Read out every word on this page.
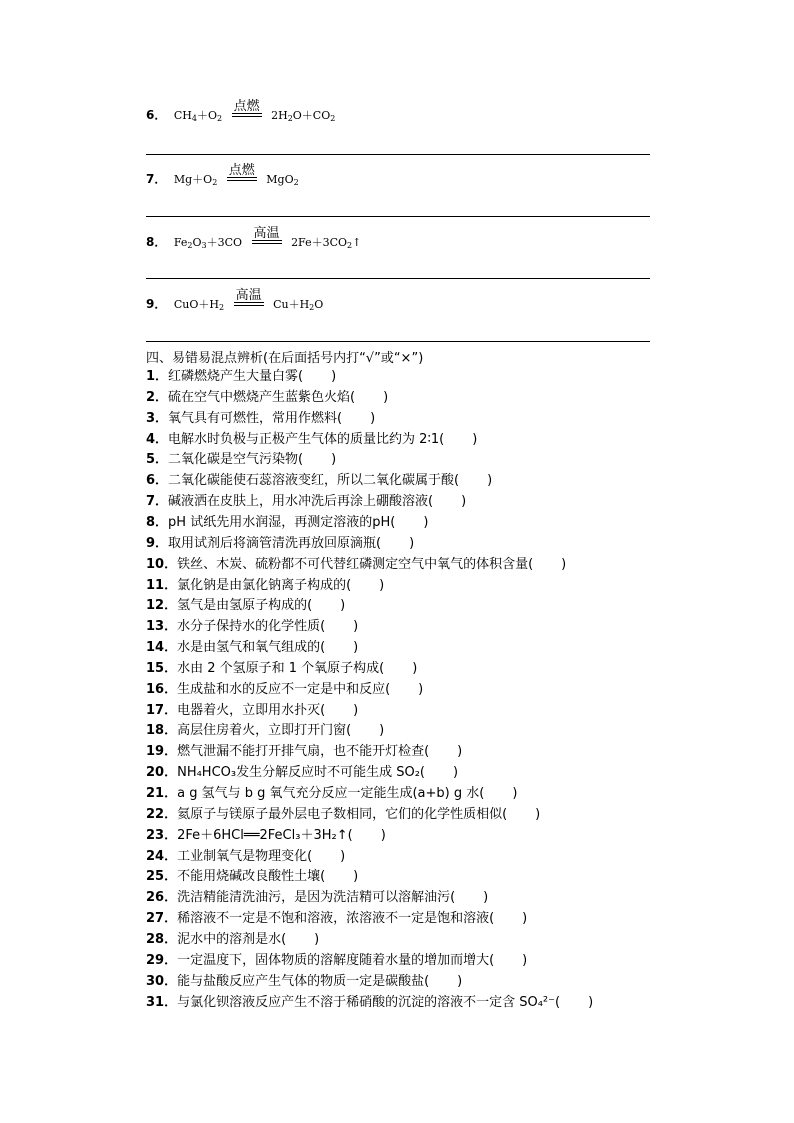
6． $CH_4+O_2$
点燃
$2H_2O+CO_2$
7． $Mg+O_2$
点燃
MgO$_2$
8． $Fe_2O_3+3CO$
高温
$2Fe+3CO_2↑$
9． $CuO+H_2$
高温
$Cu+H_2O$
四、易错易混点辨析(在后面括号内打“√”或“×”)
1．红磷燃烧产生大量白雾( )
2．硫在空气中燃烧产生蓝紫色火焰( )
3．氧气具有可燃性，常用作燃料( )
4．电解水时负极与正极产生气体的质量比约为 2∶1( )
5．二氧化碳是空气污染物( )
6．二氧化碳能使石蕊溶液变红，所以二氧化碳属于酸( )
7．碱液洒在皮肤上，用水冲洗后再涂上硼酸溶液( )
8．pH 试纸先用水润湿，再测定溶液的pH( )
9．取用试剂后将滴管清洗再放回原滴瓶( )
10．铁丝、木炭、硫粉都不可代替红磷测定空气中氧气的体积含量( )
11．氯化钠是由氯化钠离子构成的( )
12．氢气是由氢原子构成的( )
13．水分子保持水的化学性质( )
14．水是由氢气和氧气组成的( )
15．水由 2 个氢原子和 1 个氧原子构成( )
16．生成盐和水的反应不一定是中和反应( )
17．电器着火，立即用水扑灭( )
18．高层住房着火，立即打开门窗( )
19．燃气泄漏不能打开排气扇，也不能开灯检查( )
20．NH₄HCO₃发生分解反应时不可能生成 SO₂( )
21．a g 氢气与 b g 氧气充分反应一定能生成(a+b) g 水( )
22．氦原子与镁原子最外层电子数相同，它们的化学性质相似( )
23．2Fe＋6HCl══2FeCl₃＋3H₂↑( )
24．工业制氧气是物理变化( )
25．不能用烧碱改良酸性土壤( )
26．洗洁精能清洗油污，是因为洗洁精可以溶解油污( )
27．稀溶液不一定是不饱和溶液，浓溶液不一定是饱和溶液( )
28．泥水中的溶剂是水( )
29．一定温度下，固体物质的溶解度随着水量的增加而增大( )
30．能与盐酸反应产生气体的物质一定是碳酸盐( )
31．与氯化钡溶液反应产生不溶于稀硝酸的沉淀的溶液不一定含 SO₄²⁻( )
